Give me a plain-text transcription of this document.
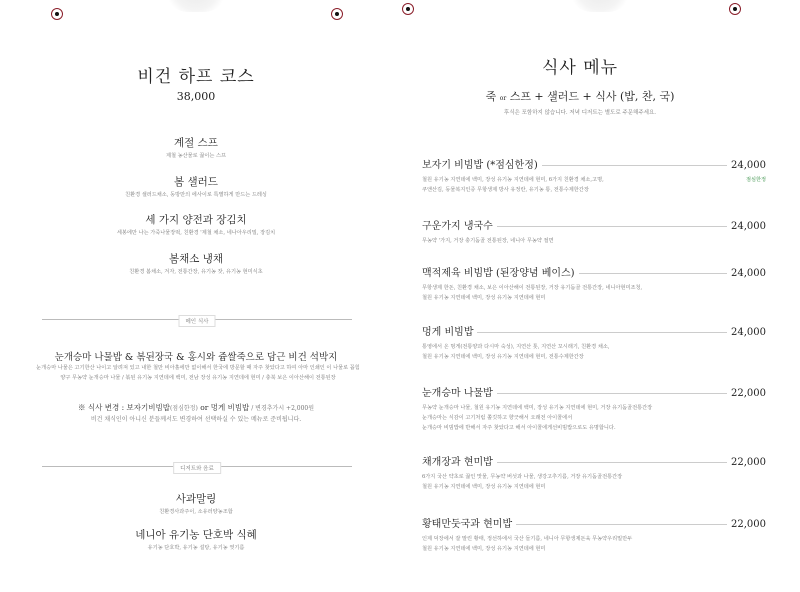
비건 하프 코스
38,000
계절 스프
제철 농산물로 끓이는 스프
봄 샐러드
친환경 샐러드채소, 동방만의 에사이로 특별하게 만드는 드레싱
세 가지 양전과 장김치
세봉에만 나는 가죽나물장떡, 친환경 '제철 채소, 네나아우리밀, 장김치
봄채소 냉채
친환경 봄채소, 겨자, 전통간장, 유기농 잣, 유기농 현미식초
메인 식사
눈개승마 나물밥 & 볶된장국 & 홍시와 쥼쌀죽으로 담근 비건 석박지
눈개승마 나물은 고기한산 나이고 알려져 있고 내한 철만 비아흘에만 없이해서 한국에 방문할 때 자주 찾았다고 하여 아마 인쇄인 이 나물로 꼽힘
양구 무농약 눈개승마 나물 / 볶된 유기농 지연데에 백미, 전남 장성 유기농 지연데에 현미 / 충북 보은 이아산해이 전통된장
※ 식사 변경 : 보자기비빔밥(점심한정) or 멍게 비빔밥 / 변경추가시 +2,000원
비건 채식인이 아니신 분들께서도 변경하여 선택하실 수 있는 메뉴로 준비됩니다.
디저트와 음료
사과말링
친환경사과주이, 소유러양농조합
네니아 유기농 단호박 식혜
유기농 단호박, 유기농 설탕, 유기농 엿기름
식사 메뉴
죽 or 스프 + 샐러드 + 식사 (밥, 찬, 국)
후식은 포함하지 않습니다. 저녁 디저트는 별도로 주문해주세요.
보자기 비빔밥 (*점심한정)	24,000
철원 유기농 지연데에 백미, 장성 유기농 지연데에 현미, 6가지 친환경 채소,고명,
쿠앤산김, 동물복지인증 무항생제 방사 유정란, 유기농 통, 전통수제한간장
점심한정
구운가지 냉국수	24,000
무농약 '가지, 거장 충기돔골 전통된장, 네니아 무농약 절면
맥적제육 비빔밥 (된장양념 베이스)	24,000
무항생제 한돈, 친환경 채소, 보은 이아산해이 전통된장, 거장 유기돔골 전통간장, 네니아현미조청,
철원 유기농 지연데에 백미, 장성 유기농 지연데에 현미
멍게 비빔밥	24,000
통영에서 온 멍게(전통양과 다시마 숙성), 지연산 톳, 지연산 꼬시래기, 친환경 채소,
철원 유기농 지연데에 백미, 장성 유기농 지연데에 현미, 전통수제한간장
눈개승마 나물밥	22,000
무농약 눈개승마 나물, 철원 유기농 지연데에 백미, 장성 유기농 지연데에 현미, 거장 유기돔골전통간장
눈개승마는 식감이 고기처럼 쫄깃하고 향긋해서 오래전 아이콜에서
눈개승마 비빔밥에 반해서 자주 찾았다고 해서 아이콜에게선비빔밥으로도 유명합니다.
채개장과 현미밥	22,000
6가지 국산 약초로 끓인 맛물, 무농약 버섯과 나물, 생강고추기름, 거장 유기돔골전통간장
철원 유기농 지연데에 백미, 장성 유기농 지연데에 현미
황태만둣국과 현미밥	22,000
인제 덕장에서 잘 말린 황태, 정선하에서 국산 들기름, 네니아 무항생제돈육 무농약우리밀만두
철원 유기농 지연데에 백미, 장성 유기농 지연데에 현미
